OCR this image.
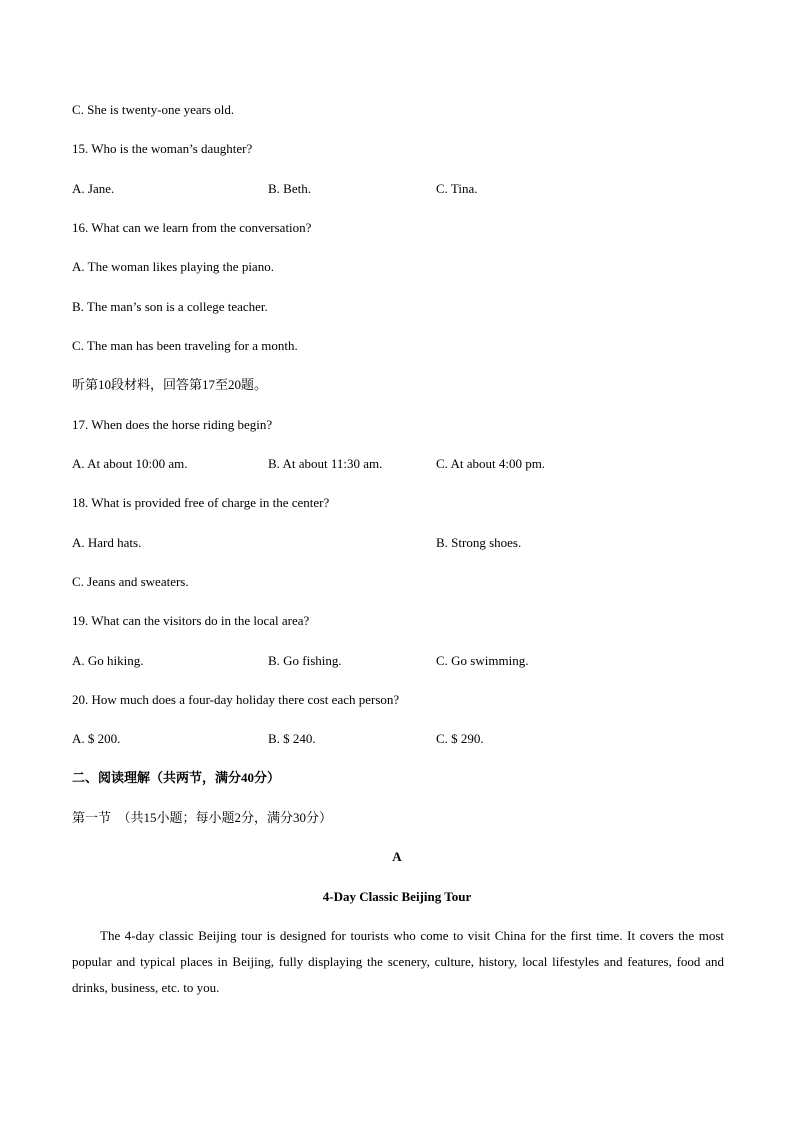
C. She is twenty-one years old.
15. Who is the woman’s daughter?
A. Jane.	B. Beth.	C. Tina.
16. What can we learn from the conversation?
A. The woman likes playing the piano.
B. The man’s son is a college teacher.
C. The man has been traveling for a month.
听第10段材料，回答第17至20题。
17. When does the horse riding begin?
A. At about 10:00 am.	B. At about 11:30 am.	C. At about 4:00 pm.
18. What is provided free of charge in the center?
A. Hard hats.	B. Strong shoes.
C. Jeans and sweaters.
19. What can the visitors do in the local area?
A. Go hiking.	B. Go fishing.	C. Go swimming.
20. How much does a four-day holiday there cost each person?
A. $ 200.	B. $ 240.	C. $ 290.
二、阅读理解（共两节，满分40分）
第一节　（共15小题；每小题2分，满分30分）
A
4-Day Classic Beijing Tour
The 4-day classic Beijing tour is designed for tourists who come to visit China for the first time. It covers the most popular and typical places in Beijing, fully displaying the scenery, culture, history, local lifestyles and features, food and drinks, business, etc. to you.
